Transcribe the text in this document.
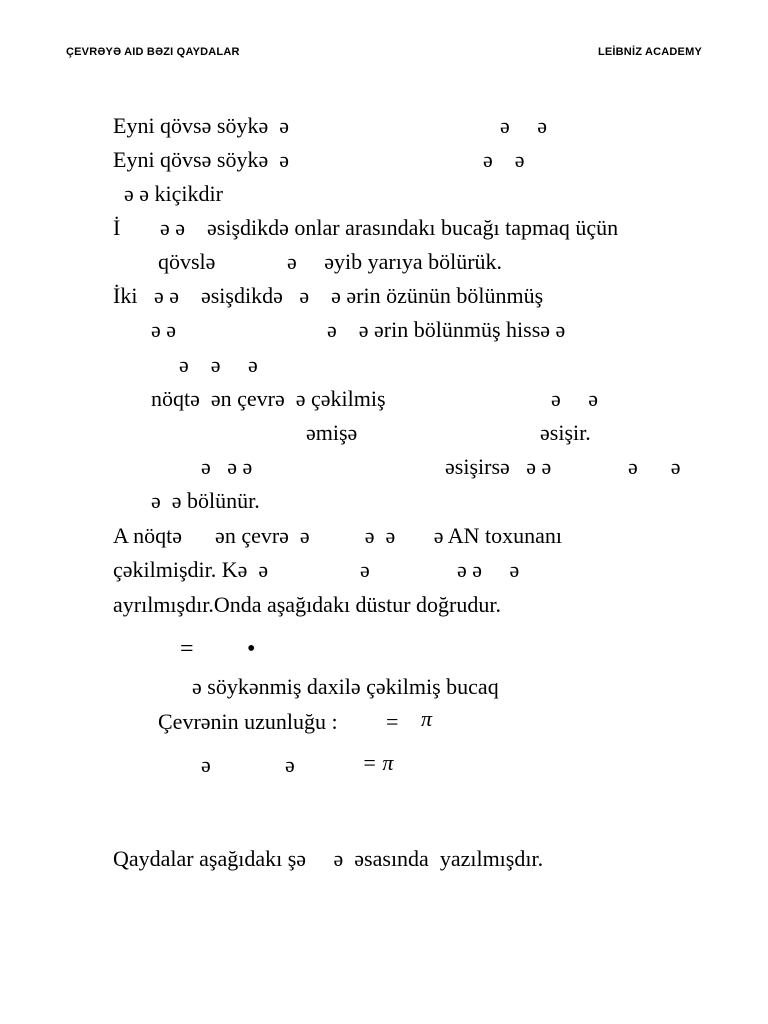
ÇEVRƏYƏ AID BƏZI QAYDALAR	LEİBNİZ ACADEMY
Eyni qövsə söykə  ə	ə     ə
Eyni qövsə söykə  ə	ə    ə
ə ə kiçikdir
İ ə ə    əsişdikdə onlar arasındakı bucağı tapmaq üçün
qövslə	ə     əyib yarıya bölürük.
İki   ə ə    əsişdikdə   ə    ə ərin özünün bölünmüş
ə ə	ə    ə ərin bölünmüş hissə ə
ə    ə     ə
nöqtə  ən çevrə  ə çəkilmiş	ə     ə
əmişə	əsişir.
ə   ə ə	əsişirsə   ə ə	ə      ə
ə  ə bölünür.
A nöqtə      ən çevrə  ə          ə  ə       ə AN toxunanı
çəkilmişdir. Kə  ə	ə	ə ə     ə
ayrılmışdır.Onda aşağıdakı düstur doğrudur.
= •
ə söykənmiş daxilə çəkilmiş bucaq
Çevrənin uzunluğu : = π
ə	ə	= π
Qaydalar aşağıdakı şə     ə  əsasında  yazılmışdır.
